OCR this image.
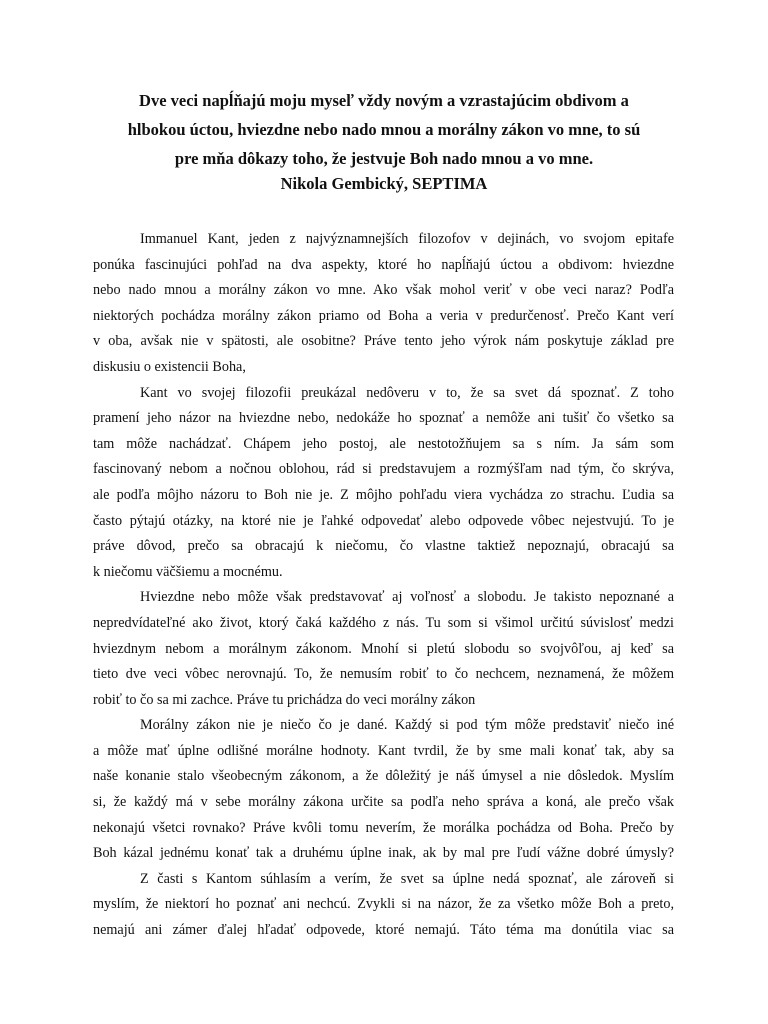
Dve veci napĺňajú moju myseľ vždy novým a vzrastajúcim obdivom a
hlbokou úctou, hviezdne nebo nado mnou a morálny zákon vo mne, to sú
pre mňa dôkazy toho, že jestvuje Boh nado mnou a vo mne.
Nikola Gembický, SEPTIMA
Immanuel Kant, jeden z najvýznamnejších filozofov v dejinách, vo svojom epitafe
ponúka fascinujúci pohľad na dva aspekty, ktoré ho napĺňajú úctou a obdivom: hviezdne
nebo nado mnou a morálny zákon vo mne. Ako však mohol veriť v obe veci naraz? Podľa
niektorých pochádza morálny zákon priamo od Boha a veria v predurčenosť. Prečo Kant verí
v oba, avšak nie v spätosti, ale osobitne? Práve tento jeho výrok nám poskytuje základ pre
diskusiu o existencii Boha,
Kant vo svojej filozofii preukázal nedôveru v to, že sa svet dá spoznať. Z toho
pramení jeho názor na hviezdne nebo, nedokáže ho spoznať a nemôže ani tušiť čo všetko sa
tam môže nachádzať. Chápem jeho postoj, ale nestotožňujem sa s ním. Ja sám som
fascinovaný nebom a nočnou oblohou, rád si predstavujem a rozmýšľam nad tým, čo skrýva,
ale podľa môjho názoru to Boh nie je. Z môjho pohľadu viera vychádza zo strachu. Ľudia sa
často pýtajú otázky, na ktoré nie je ľahké odpovedať alebo odpovede vôbec nejestvujú. To je
práve dôvod, prečo sa obracajú k niečomu, čo vlastne taktiež nepoznajú, obracajú sa
k niečomu väčšiemu a mocnému.
Hviezdne nebo môže však predstavovať aj voľnosť a slobodu. Je takisto nepoznané a
nepredvídateľné ako život, ktorý čaká každého z nás. Tu som si všimol určitú súvislosť medzi
hviezdnym nebom a morálnym zákonom. Mnohí si pletú slobodu so svojvôľou, aj keď sa
tieto dve veci vôbec nerovnajú. To, že nemusím robiť to čo nechcem, neznamená, že môžem
robiť to čo sa mi zachce. Práve tu prichádza do veci morálny zákon
Morálny zákon nie je niečo čo je dané. Každý si pod tým môže predstaviť niečo iné
a môže mať úplne odlišné morálne hodnoty. Kant tvrdil, že by sme mali konať tak, aby sa
naše konanie stalo všeobecným zákonom, a že dôležitý je náš úmysel a nie dôsledok. Myslím
si, že každý má v sebe morálny zákona určite sa podľa neho správa a koná, ale prečo však
nekonajú všetci rovnako? Práve kvôli tomu neverím, že morálka pochádza od Boha. Prečo by
Boh kázal jednému konať tak a druhému úplne inak, ak by mal pre ľudí vážne dobré úmysly?
Z časti s Kantom súhlasím a verím, že svet sa úplne nedá spoznať, ale zároveň si
myslím, že niektorí ho poznať ani nechcú. Zvykli si na názor, že za všetko môže Boh a preto,
nemajú ani zámer ďalej hľadať odpovede, ktoré nemajú. Táto téma ma donútila viac sa
